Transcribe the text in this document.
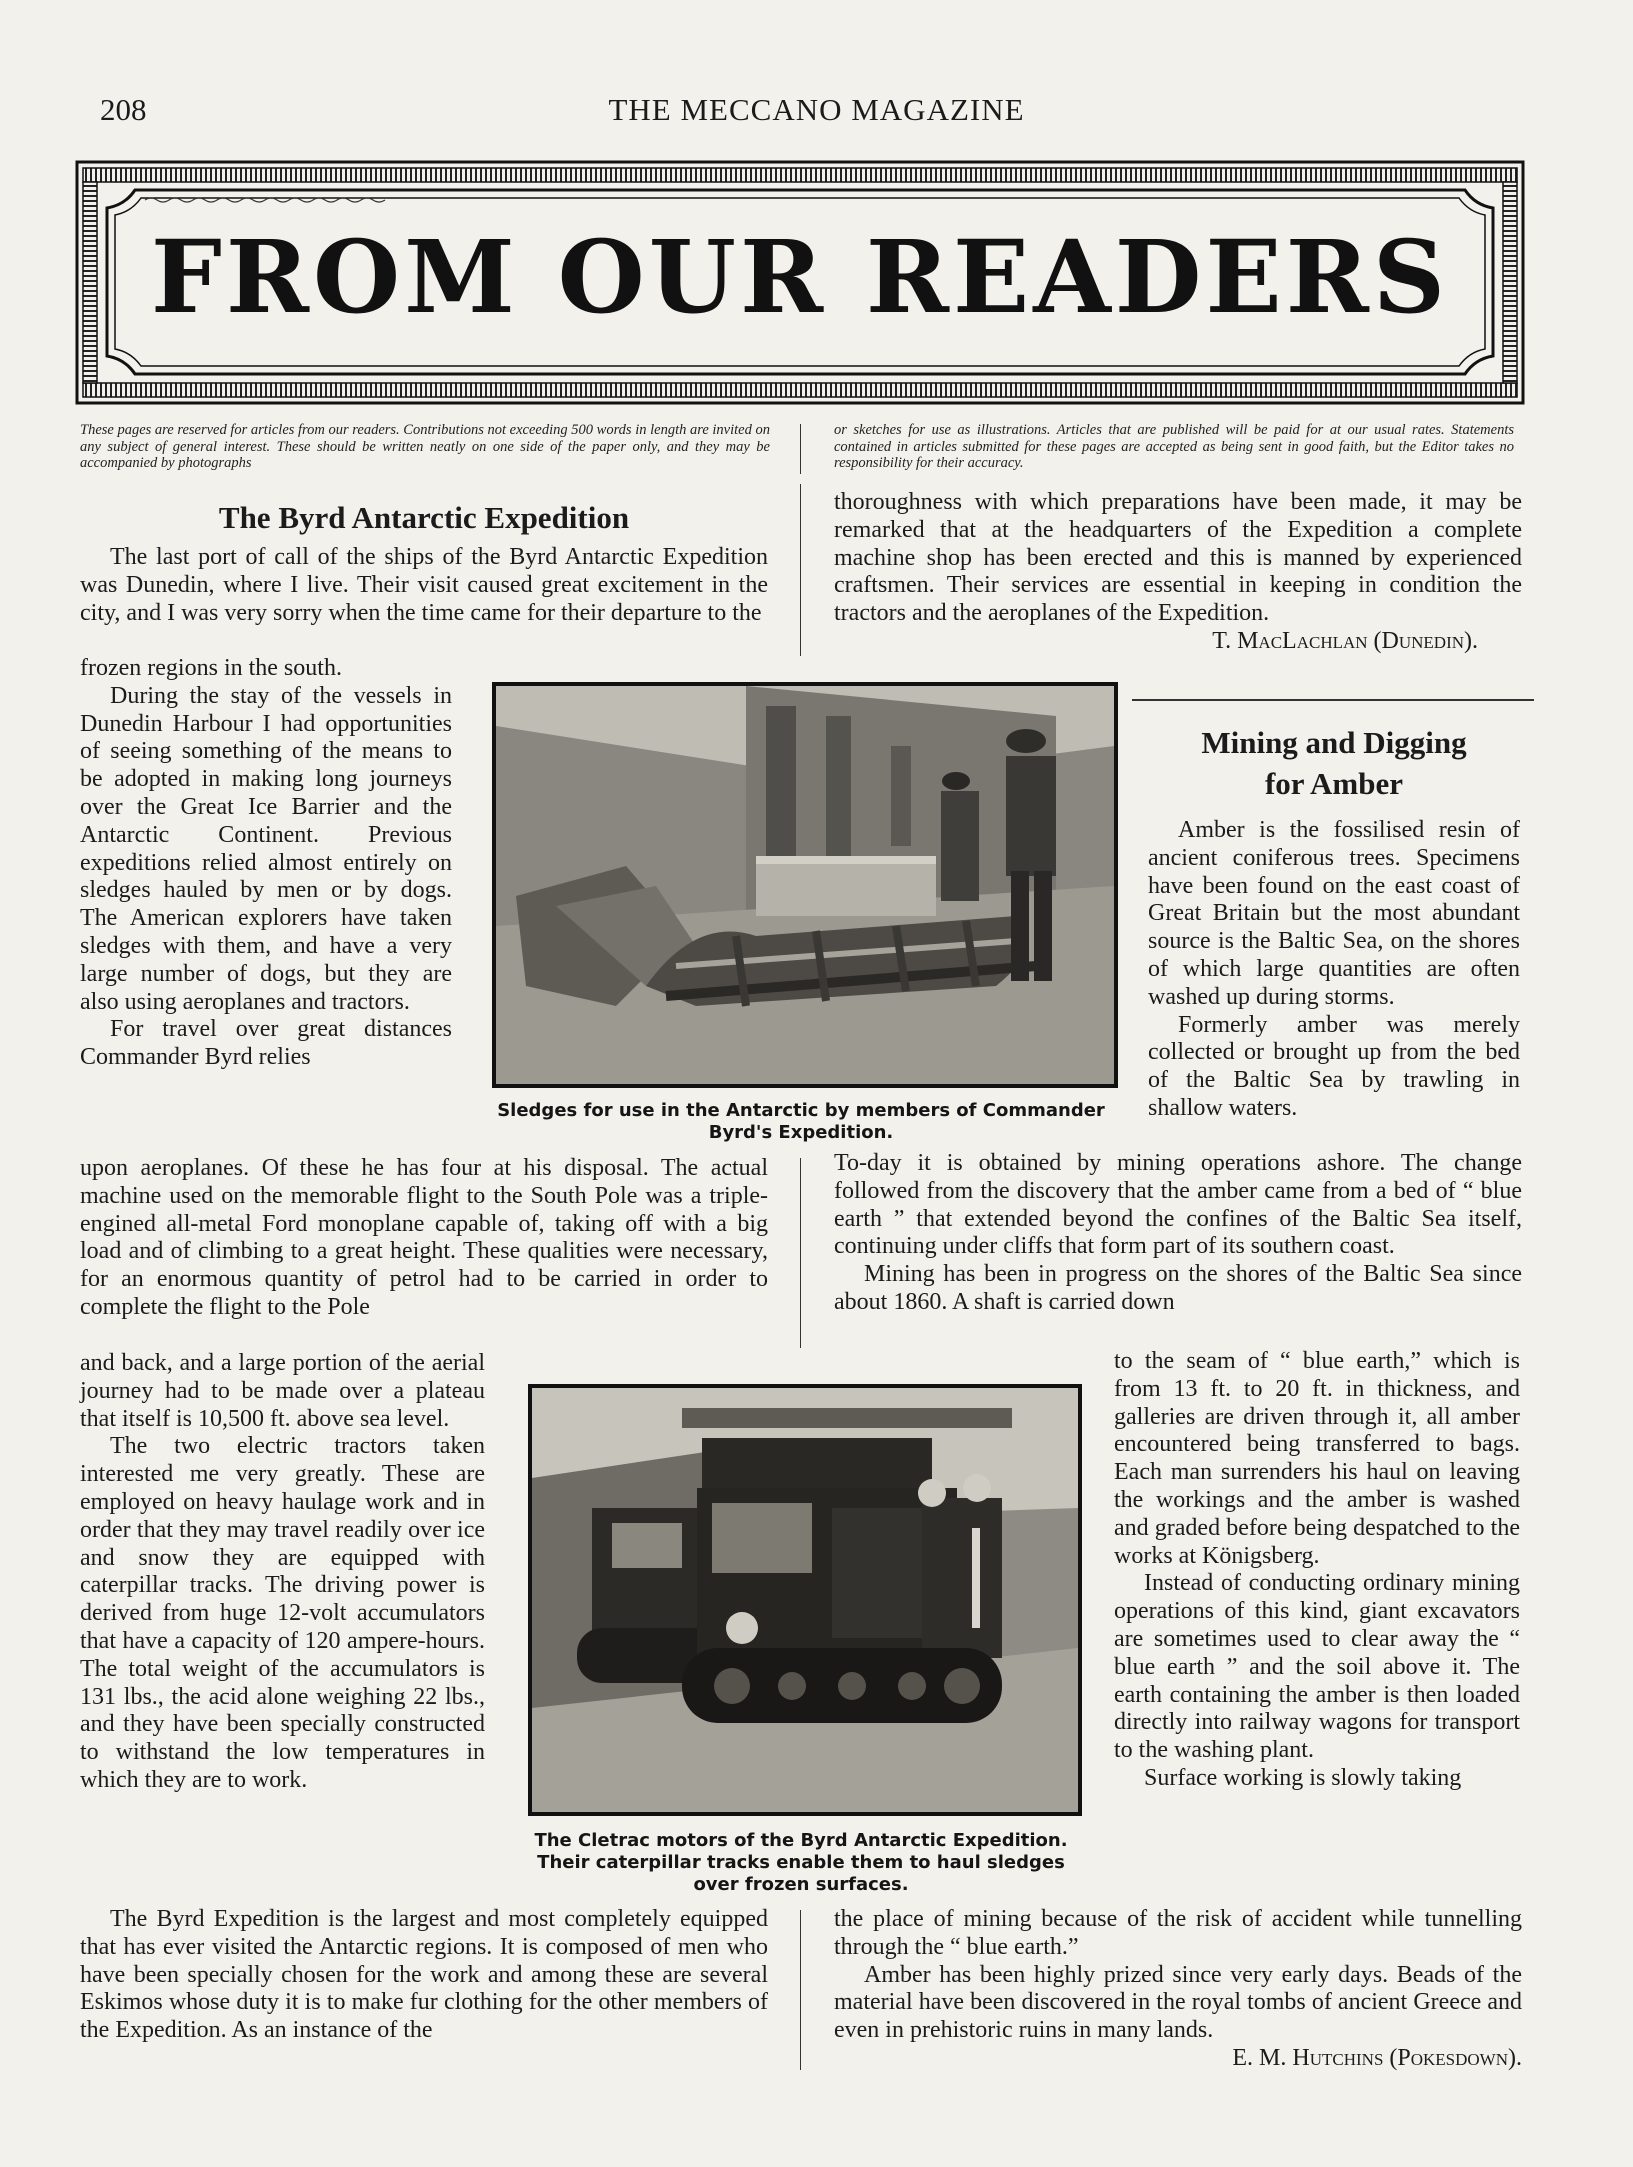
208	THE MECCANO MAGAZINE
FROM OUR READERS
These pages are reserved for articles from our readers. Contributions not exceeding 500 words in length are invited on any subject of general interest. These should be written neatly on one side of the paper only, and they may be accompanied by photographs
or sketches for use as illustrations. Articles that are published will be paid for at our usual rates. Statements contained in articles submitted for these pages are accepted as being sent in good faith, but the Editor takes no responsibility for their accuracy.
The Byrd Antarctic Expedition

The last port of call of the ships of the Byrd Antarctic Expedition was Dunedin, where I live. Their visit caused great excitement in the city, and I was very sorry when the time came for their departure to the

frozen regions in the south.

During the stay of the vessels in Dunedin Harbour I had opportunities of seeing something of the means to be adopted in making long journeys over the Great Ice Barrier and the Antarctic Continent. Previous expeditions relied almost entirely on sledges hauled by men or by dogs. The American explorers have taken sledges with them, and have a very large number of dogs, but they are also using aeroplanes and tractors.

For travel over great distances Commander Byrd relies

Sledges for use in the Antarctic by members of Commander
Byrd's Expedition.

upon aeroplanes. Of these he has four at his disposal. The actual machine used on the memorable flight to the South Pole was a triple-engined all-metal Ford monoplane capable of, taking off with a big load and of climbing to a great height. These qualities were necessary, for an enormous quantity of petrol had to be carried in order to complete the flight to the Pole

and back, and a large portion of the aerial journey had to be made over a plateau that itself is 10,500 ft. above sea level.

The two electric tractors taken interested me very greatly. These are employed on heavy haulage work and in order that they may travel readily over ice and snow they are equipped with caterpillar tracks. The driving power is derived from huge 12-volt accumulators that have a capacity of 120 ampere-hours. The total weight of the accumulators is 131 lbs., the acid alone weighing 22 lbs., and they have been specially constructed to withstand the low temperatures in which they are to work.

The Cletrac motors of the Byrd Antarctic Expedition.
Their caterpillar tracks enable them to haul sledges
over frozen surfaces.

The Byrd Expedition is the largest and most completely equipped that has ever visited the Antarctic regions. It is composed of men who have been specially chosen for the work and among these are several Eskimos whose duty it is to make fur clothing for the other members of the Expedition. As an instance of the

thoroughness with which preparations have been made, it may be remarked that at the headquarters of the Expedition a complete machine shop has been erected and this is manned by experienced craftsmen. Their services are essential in keeping in condition the tractors and the aeroplanes of the Expedition.

T. MacLachlan (Dunedin).
Mining and Digging
for Amber

Amber is the fossilised resin of ancient coniferous trees. Specimens have been found on the east coast of Great Britain but the most abundant source is the Baltic Sea, on the shores of which large quantities are often washed up during storms.

Formerly amber was merely collected or brought up from the bed of the Baltic Sea by trawling in shallow waters.

To-day it is obtained by mining operations ashore. The change followed from the discovery that the amber came from a bed of “ blue earth ” that extended beyond the confines of the Baltic Sea itself, continuing under cliffs that form part of its southern coast.

Mining has been in progress on the shores of the Baltic Sea since about 1860. A shaft is carried down

to the seam of “ blue earth,” which is from 13 ft. to 20 ft. in thickness, and galleries are driven through it, all amber encountered being transferred to bags. Each man surrenders his haul on leaving the workings and the amber is washed and graded before being despatched to the works at Königsberg.

Instead of conducting ordinary mining operations of this kind, giant excavators are sometimes used to clear away the “ blue earth ” and the soil above it. The earth containing the amber is then loaded directly into railway wagons for transport to the washing plant.

Surface working is slowly taking

the place of mining because of the risk of accident while tunnelling through the “ blue earth.”

Amber has been highly prized since very early days. Beads of the material have been discovered in the royal tombs of ancient Greece and even in prehistoric ruins in many lands.

E. M. Hutchins (Pokesdown).
